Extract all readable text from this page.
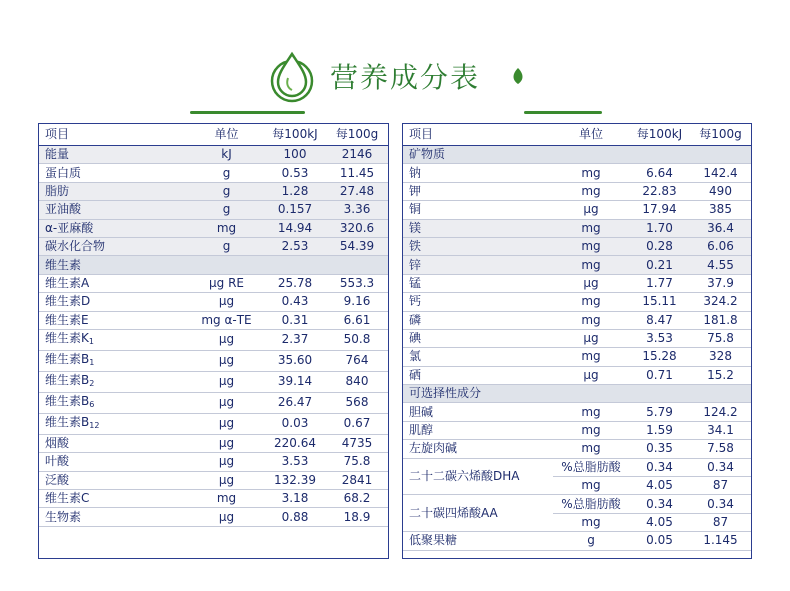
营养成分表
项目	单位	每100kJ	每100g
能量	kJ	100	2146
蛋白质	g	0.53	11.45
脂肪	g	1.28	27.48
亚油酸	g	0.157	3.36
α-亚麻酸	mg	14.94	320.6
碳水化合物	g	2.53	54.39
维生素			
维生素A	μg RE	25.78	553.3
维生素D	μg	0.43	9.16
维生素E	mg α-TE	0.31	6.61
维生素$K_1$	μg	2.37	50.8
维生素$B_1$	μg	35.60	764
维生素$B_2$	μg	39.14	840
维生素$B_6$	μg	26.47	568
维生素$B_{12}$	μg	0.03	0.67
烟酸	μg	220.64	4735
叶酸	μg	3.53	75.8
泛酸	μg	132.39	2841
维生素C	mg	3.18	68.2
生物素	μg	0.88	18.9
项目	单位	每100kJ	每100g
矿物质			
钠	mg	6.64	142.4
钾	mg	22.83	490
铜	μg	17.94	385
镁	mg	1.70	36.4
铁	mg	0.28	6.06
锌	mg	0.21	4.55
锰	μg	1.77	37.9
钙	mg	15.11	324.2
磷	mg	8.47	181.8
碘	μg	3.53	75.8
氯	mg	15.28	328
硒	μg	0.71	15.2
可选择性成分			
胆碱	mg	5.79	124.2
肌醇	mg	1.59	34.1
左旋肉碱	mg	0.35	7.58
二十二碳六烯酸DHA	%总脂肪酸	0.34	0.34
	mg	4.05	87
二十碳四烯酸AA	%总脂肪酸	0.34	0.34
	mg	4.05	87
低聚果糖	g	0.05	1.145
